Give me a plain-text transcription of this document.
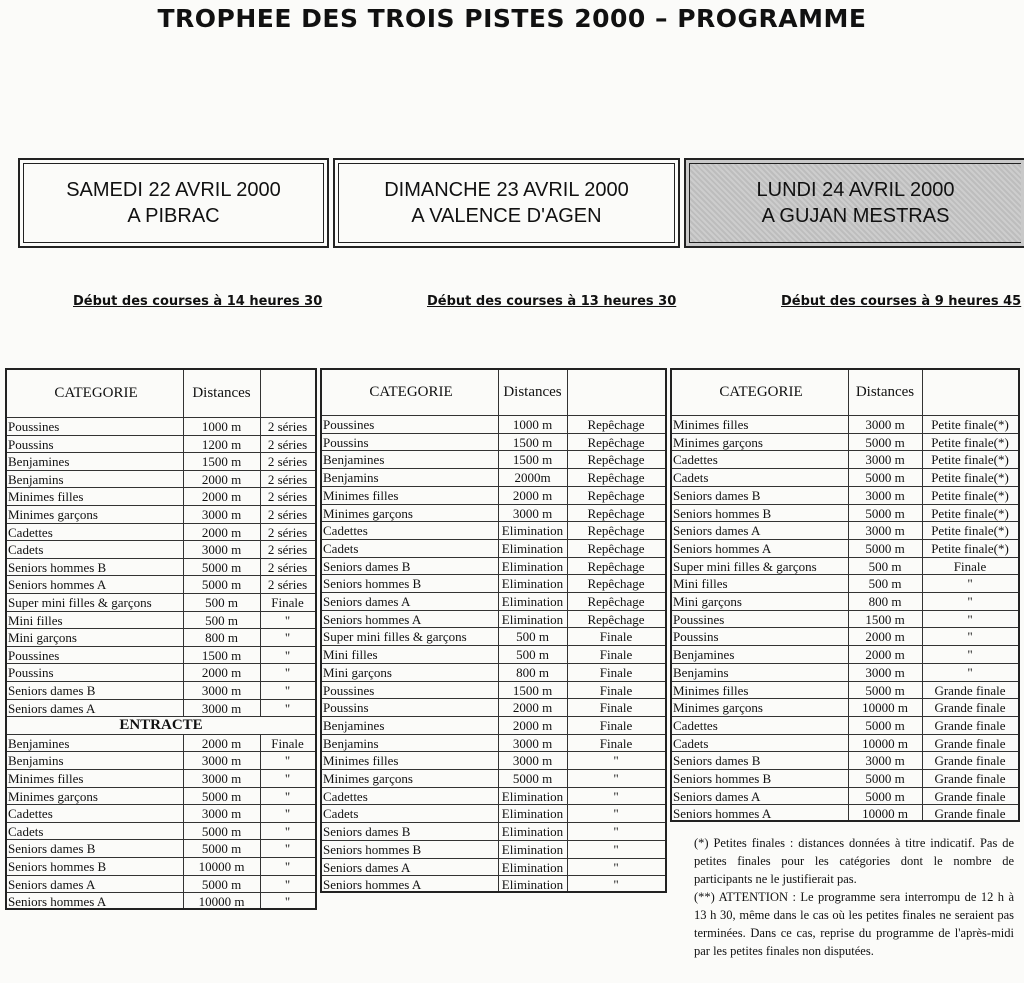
TROPHEE DES TROIS PISTES 2000 – PROGRAMME
SAMEDI 22 AVRIL 2000
A PIBRAC
DIMANCHE 23 AVRIL 2000
A VALENCE D'AGEN
LUNDI 24 AVRIL 2000
A GUJAN MESTRAS
Début des courses à 14 heures 30	Début des courses à 13 heures 30	Début des courses à 9 heures 45
CATEGORIE	Distances
Poussines	1000 m	2 séries
Poussins	1200 m	2 séries
Benjamines	1500 m	2 séries
Benjamins	2000 m	2 séries
Minimes filles	2000 m	2 séries
Minimes garçons	3000 m	2 séries
Cadettes	2000 m	2 séries
Cadets	3000 m	2 séries
Seniors hommes B	5000 m	2 séries
Seniors hommes A	5000 m	2 séries
Super mini filles & garçons	500 m	Finale
Mini filles	500 m	"
Mini garçons	800 m	"
Poussines	1500 m	"
Poussins	2000 m	"
Seniors dames B	3000 m	"
Seniors dames A	3000 m	"
ENTRACTE
Benjamines	2000 m	Finale
Benjamins	3000 m	"
Minimes filles	3000 m	"
Minimes garçons	5000 m	"
Cadettes	3000 m	"
Cadets	5000 m	"
Seniors dames B	5000 m	"
Seniors hommes B	10000 m	"
Seniors dames A	5000 m	"
Seniors hommes A	10000 m	"
CATEGORIE	Distances
Poussines	1000 m	Repêchage
Poussins	1500 m	Repêchage
Benjamines	1500 m	Repêchage
Benjamins	2000m	Repêchage
Minimes filles	2000 m	Repêchage
Minimes garçons	3000 m	Repêchage
Cadettes	Elimination	Repêchage
Cadets	Elimination	Repêchage
Seniors dames B	Elimination	Repêchage
Seniors hommes B	Elimination	Repêchage
Seniors dames A	Elimination	Repêchage
Seniors hommes A	Elimination	Repêchage
Super mini filles & garçons	500 m	Finale
Mini filles	500 m	Finale
Mini garçons	800 m	Finale
Poussines	1500 m	Finale
Poussins	2000 m	Finale
Benjamines	2000 m	Finale
Benjamins	3000 m	Finale
Minimes filles	3000 m	"
Minimes garçons	5000 m	"
Cadettes	Elimination	"
Cadets	Elimination	"
Seniors dames B	Elimination	"
Seniors hommes B	Elimination	"
Seniors dames A	Elimination	"
Seniors hommes A	Elimination	"
CATEGORIE	Distances
Minimes filles	3000 m	Petite finale(*)
Minimes garçons	5000 m	Petite finale(*)
Cadettes	3000 m	Petite finale(*)
Cadets	5000 m	Petite finale(*)
Seniors dames B	3000 m	Petite finale(*)
Seniors hommes B	5000 m	Petite finale(*)
Seniors dames A	3000 m	Petite finale(*)
Seniors hommes A	5000 m	Petite finale(*)
Super mini filles & garçons	500 m	Finale
Mini filles	500 m	"
Mini garçons	800 m	"
Poussines	1500 m	"
Poussins	2000 m	"
Benjamines	2000 m	"
Benjamins	3000 m	"
Minimes filles	5000 m	Grande finale
Minimes garçons	10000 m	Grande finale
Cadettes	5000 m	Grande finale
Cadets	10000 m	Grande finale
Seniors dames B	3000 m	Grande finale
Seniors hommes B	5000 m	Grande finale
Seniors dames A	5000 m	Grande finale
Seniors hommes A	10000 m	Grande finale

(*) Petites finales : distances données à titre indicatif. Pas de petites finales pour les catégories dont le nombre de participants ne le justifierait pas.

(**) ATTENTION : Le programme sera interrompu de 12 h à 13 h 30, même dans le cas où les petites finales ne seraient pas terminées. Dans ce cas, reprise du programme de l'après-midi par les petites finales non disputées.
